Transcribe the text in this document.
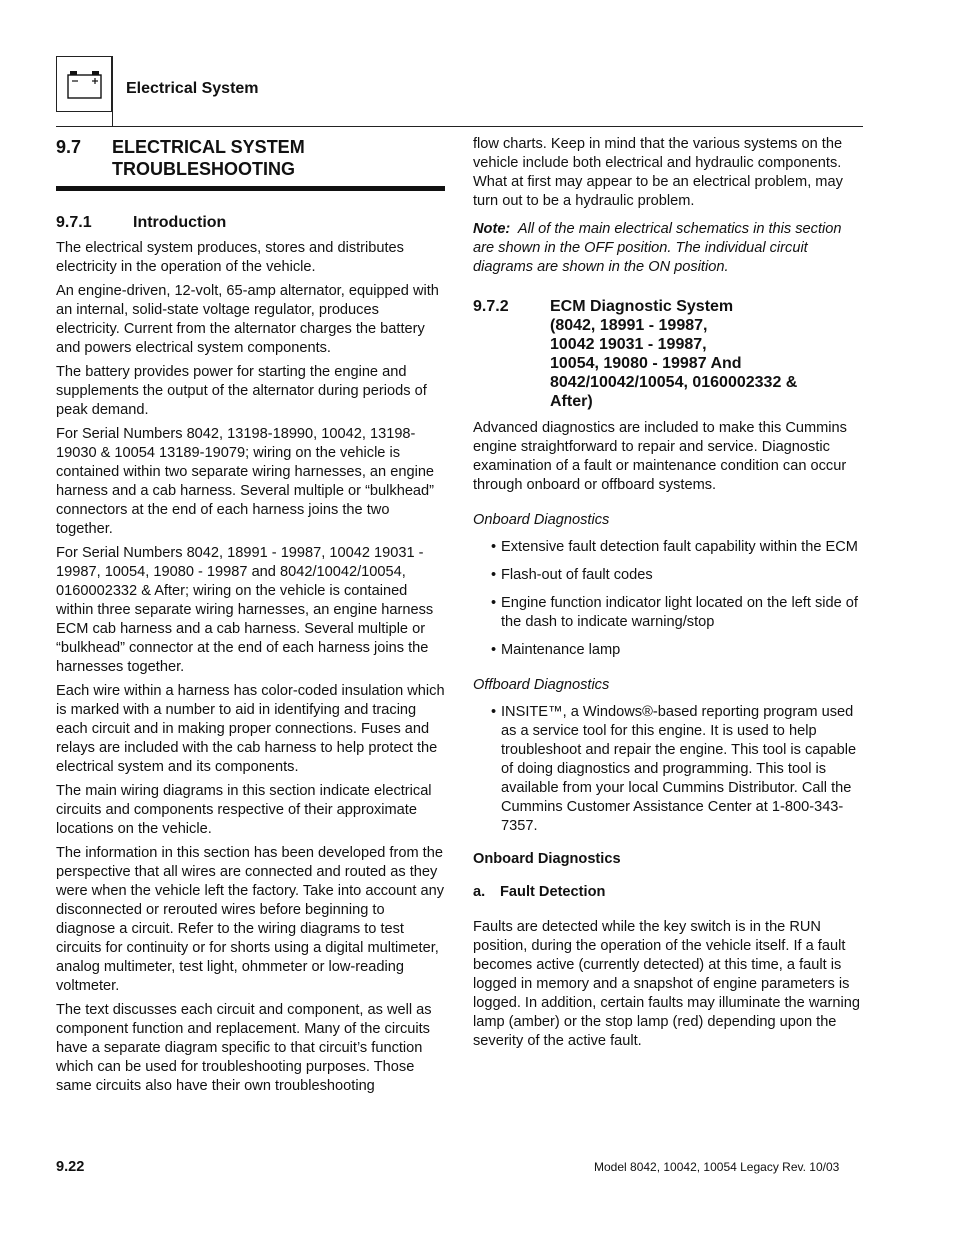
Electrical System
9.7	ELECTRICAL SYSTEM
TROUBLESHOOTING
9.7.1	Introduction

The electrical system produces, stores and distributes electricity in the operation of the vehicle.

An engine-driven, 12-volt, 65-amp alternator, equipped with an internal, solid-state voltage regulator, produces electricity. Current from the alternator charges the battery and powers electrical system components.

The battery provides power for starting the engine and supplements the output of the alternator during periods of peak demand.

For Serial Numbers 8042, 13198-18990, 10042, 13198-19030 & 10054 13189-19079; wiring on the vehicle is contained within two separate wiring harnesses, an engine harness and a cab harness. Several multiple or “bulkhead” connectors at the end of each harness joins the two together.

For Serial Numbers 8042, 18991 - 19987, 10042 19031 - 19987, 10054, 19080 - 19987 and 8042/10042/10054, 0160002332 & After; wiring on the vehicle is contained within three separate wiring harnesses, an engine harness ECM cab harness and a cab harness. Several multiple or “bulkhead” connector at the end of each harness joins the harnesses together.

Each wire within a harness has color-coded insulation which is marked with a number to aid in identifying and tracing each circuit and in making proper connections. Fuses and relays are included with the cab harness to help protect the electrical system and its components.

The main wiring diagrams in this section indicate electrical circuits and components respective of their approximate locations on the vehicle.

The information in this section has been developed from the perspective that all wires are connected and routed as they were when the vehicle left the factory. Take into account any disconnected or rerouted wires before beginning to diagnose a circuit. Refer to the wiring diagrams to test circuits for continuity or for shorts using a digital multimeter, analog multimeter, test light, ohmmeter or low-reading voltmeter.

The text discusses each circuit and component, as well as component function and replacement. Many of the circuits have a separate diagram specific to that circuit’s function which can be used for troubleshooting purposes. Those same circuits also have their own troubleshooting

flow charts. Keep in mind that the various systems on the vehicle include both electrical and hydraulic components. What at first may appear to be an electrical problem, may turn out to be a hydraulic problem.

Note: All of the main electrical schematics in this section are shown in the OFF position. The individual circuit diagrams are shown in the ON position.

9.7.2	ECM Diagnostic System
(8042, 18991 - 19987,
10042 19031 - 19987,
10054, 19080 - 19987 And
8042/10042/10054, 0160002332 &
After)

Advanced diagnostics are included to make this Cummins engine straightforward to repair and service. Diagnostic examination of a fault or maintenance condition can occur through onboard or offboard systems.

Onboard Diagnostics
• Extensive fault detection fault capability within the ECM
• Flash-out of fault codes
• Engine function indicator light located on the left side of the dash to indicate warning/stop
• Maintenance lamp
Offboard Diagnostics
• INSITE™, a Windows®-based reporting program used as a service tool for this engine. It is used to help troubleshoot and repair the engine. This tool is capable of doing diagnostics and programming. This tool is available from your local Cummins Distributor. Call the Cummins Customer Assistance Center at 1-800-343-7357.
Onboard Diagnostics
a.	Fault Detection

Faults are detected while the key switch is in the RUN position, during the operation of the vehicle itself. If a fault becomes active (currently detected) at this time, a fault is logged in memory and a snapshot of engine parameters is logged. In addition, certain faults may illuminate the warning lamp (amber) or the stop lamp (red) depending upon the severity of the active fault.

9.22	Model 8042, 10042, 10054 Legacy Rev. 10/03
